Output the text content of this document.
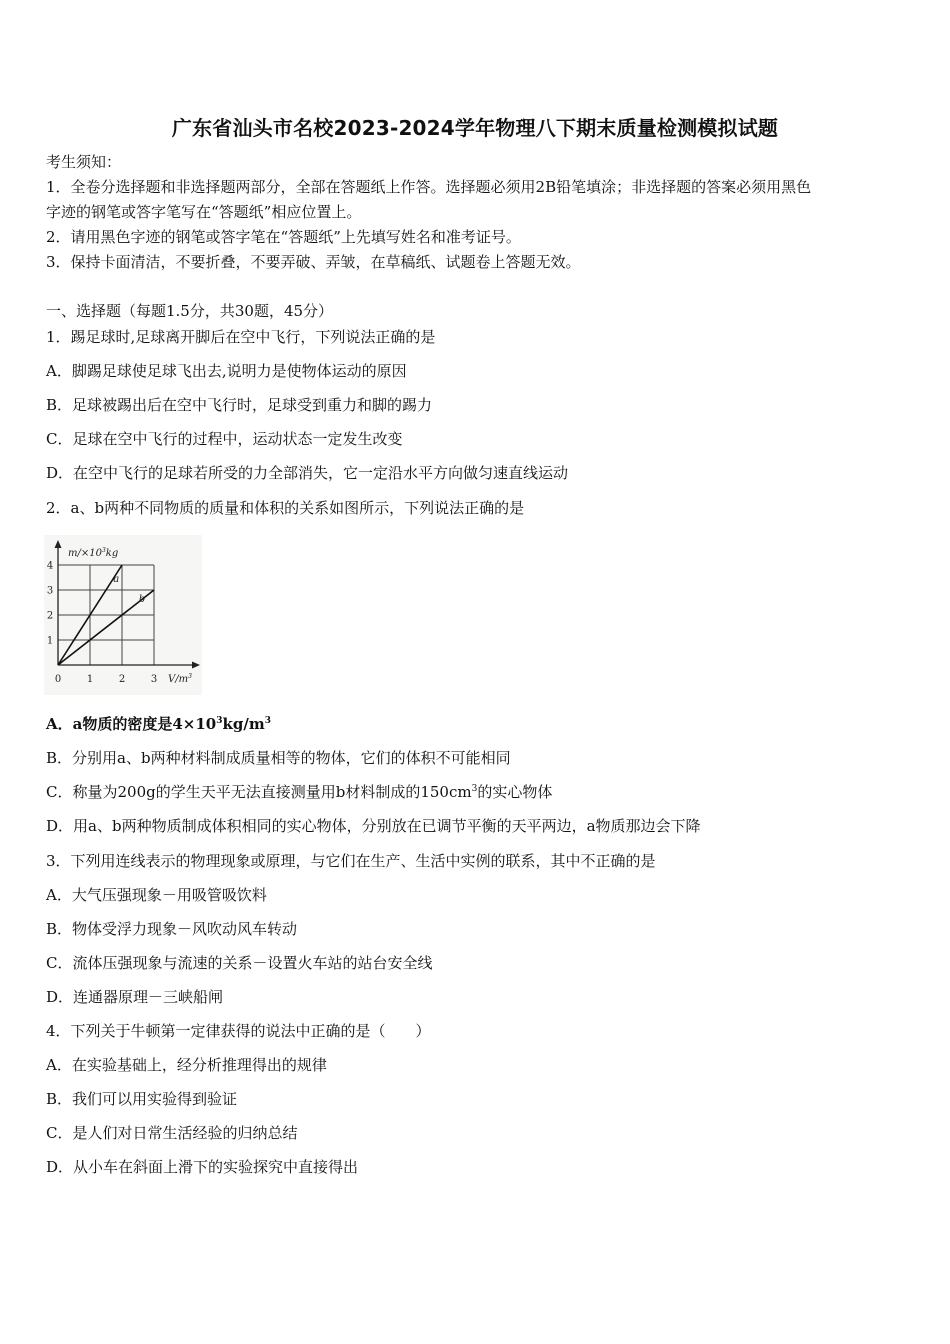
广东省汕头市名校2023-2024学年物理八下期末质量检测模拟试题
考生须知：
1．全卷分选择题和非选择题两部分，全部在答题纸上作答。选择题必须用2B铅笔填涂；非选择题的答案必须用黑色
字迹的钢笔或答字笔写在“答题纸”相应位置上。
2．请用黑色字迹的钢笔或答字笔在“答题纸”上先填写姓名和准考证号。
3．保持卡面清洁，不要折叠，不要弄破、弄皱，在草稿纸、试题卷上答题无效。
一、选择题（每题1.5分，共30题，45分）
1．踢足球时,足球离开脚后在空中飞行，下列说法正确的是
A．脚踢足球使足球飞出去,说明力是使物体运动的原因
B．足球被踢出后在空中飞行时，足球受到重力和脚的踢力
C．足球在空中飞行的过程中，运动状态一定发生改变
D．在空中飞行的足球若所受的力全部消失，它一定沿水平方向做匀速直线运动
2．a、b两种不同物质的质量和体积的关系如图所示，下列说法正确的是
a
b
1	2	3
1
2
3
4
0
$m/\times 10^3kg$
$V/m^3$
A．a物质的密度是$4\times 10^3kg/m^3$
B．分别用a、b两种材料制成质量相等的物体，它们的体积不可能相同
C．称量为200g的学生天平无法直接测量用b材料制成的$150cm^3$的实心物体
D．用a、b两种物质制成体积相同的实心物体，分别放在已调节平衡的天平两边，a物质那边会下降
3．下列用连线表示的物理现象或原理，与它们在生产、生活中实例的联系，其中不正确的是
A．大气压强现象－用吸管吸饮料
B．物体受浮力现象－风吹动风车转动
C．流体压强现象与流速的关系－设置火车站的站台安全线
D．连通器原理－三峡船闸
4．下列关于牛顿第一定律获得的说法中正确的是（　　）
A．在实验基础上，经分析推理得出的规律
B．我们可以用实验得到验证
C．是人们对日常生活经验的归纳总结
D．从小车在斜面上滑下的实验探究中直接得出
